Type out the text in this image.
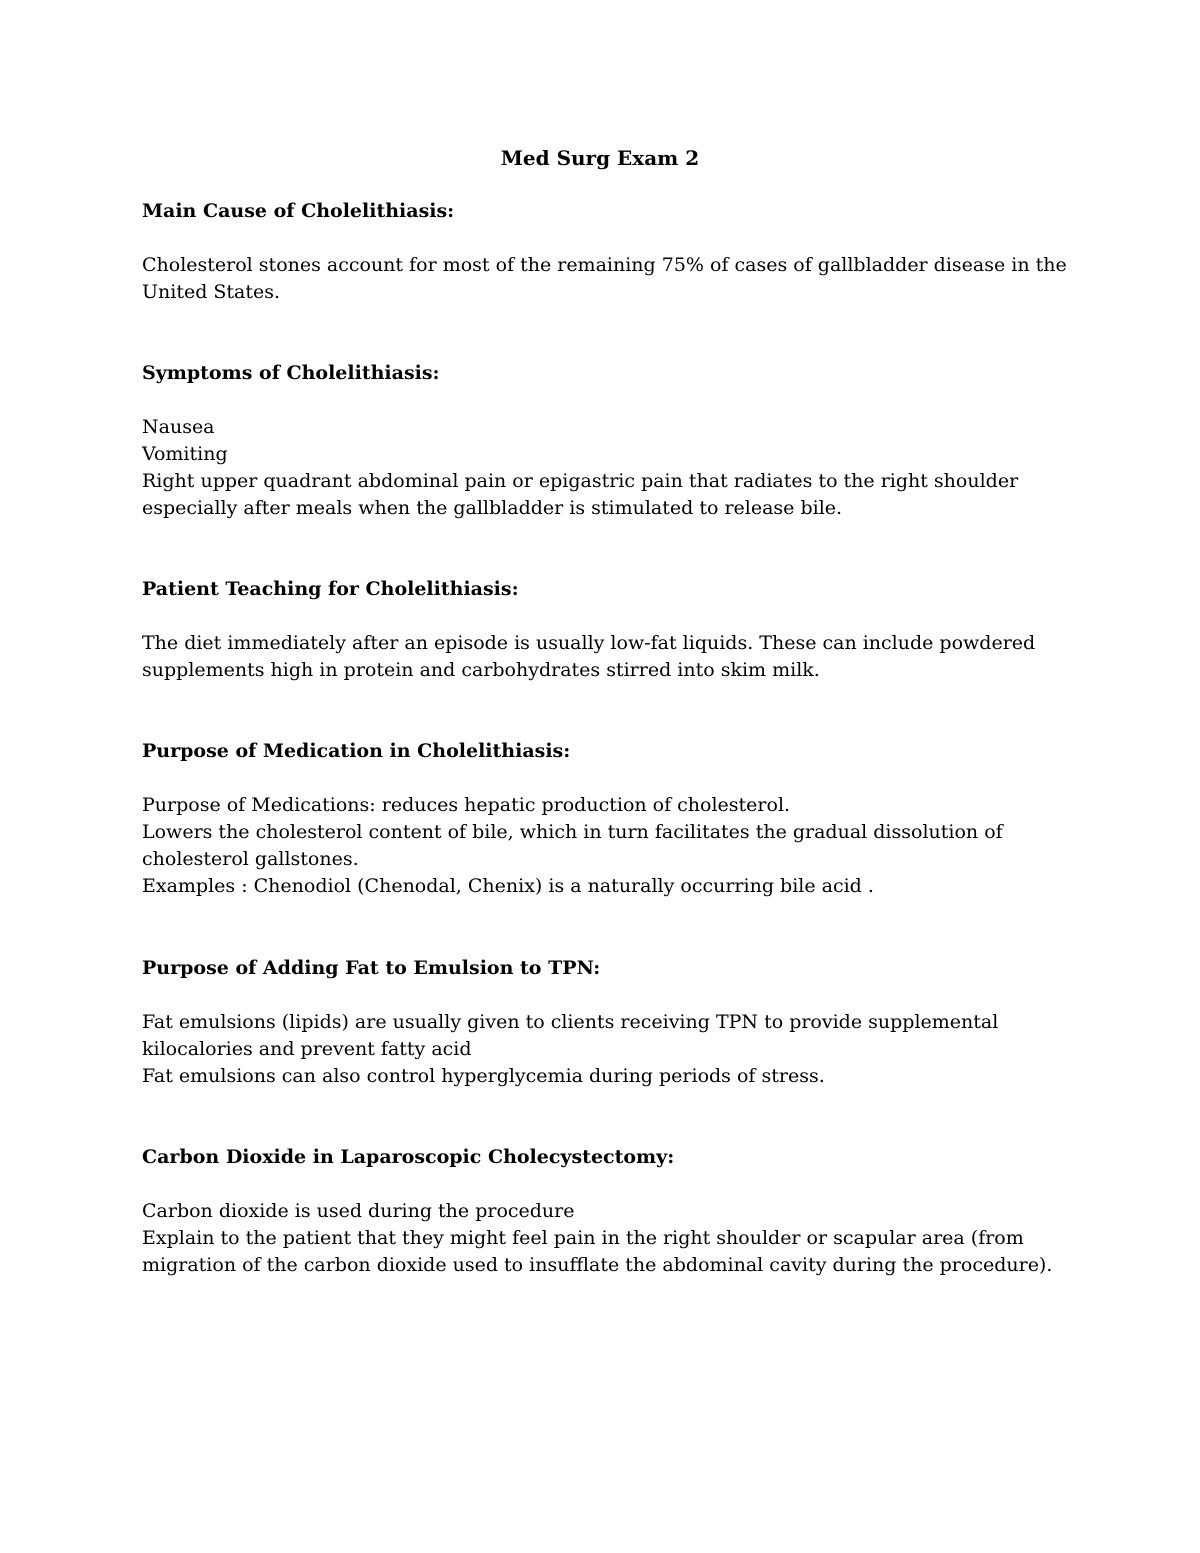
Med Surg Exam 2
Main Cause of Cholelithiasis:
Cholesterol stones account for most of the remaining 75% of cases of gallbladder disease in the
United States.
Symptoms of Cholelithiasis:
Nausea
Vomiting
Right upper quadrant abdominal pain or epigastric pain that radiates to the right shoulder
especially after meals when the gallbladder is stimulated to release bile.
Patient Teaching for Cholelithiasis:
The diet immediately after an episode is usually low-fat liquids. These can include powdered
supplements high in protein and carbohydrates stirred into skim milk.
Purpose of Medication in Cholelithiasis:
Purpose of Medications: reduces hepatic production of cholesterol.
Lowers the cholesterol content of bile, which in turn facilitates the gradual dissolution of
cholesterol gallstones.
Examples : Chenodiol (Chenodal, Chenix) is a naturally occurring bile acid .
Purpose of Adding Fat to Emulsion to TPN:
Fat emulsions (lipids) are usually given to clients receiving TPN to provide supplemental
kilocalories and prevent fatty acid
Fat emulsions can also control hyperglycemia during periods of stress.
Carbon Dioxide in Laparoscopic Cholecystectomy:
Carbon dioxide is used during the procedure
Explain to the patient that they might feel pain in the right shoulder or scapular area (from
migration of the carbon dioxide used to insufflate the abdominal cavity during the procedure).
